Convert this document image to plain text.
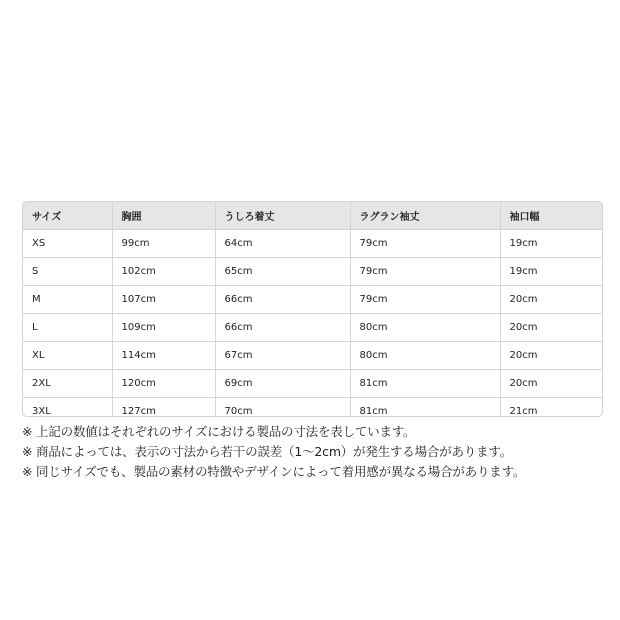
サイズ	胸囲	うしろ着丈	ラグラン袖丈	袖口幅
XS	99cm	64cm	79cm	19cm
S	102cm	65cm	79cm	19cm
M	107cm	66cm	79cm	20cm
L	109cm	66cm	80cm	20cm
XL	114cm	67cm	80cm	20cm
2XL	120cm	69cm	81cm	20cm
3XL	127cm	70cm	81cm	21cm
※ 上記の数値はそれぞれのサイズにおける製品の寸法を表しています。
※ 商品によっては、表示の寸法から若干の誤差（1〜2cm）が発生する場合があります。
※ 同じサイズでも、製品の素材の特徴やデザインによって着用感が異なる場合があります。
